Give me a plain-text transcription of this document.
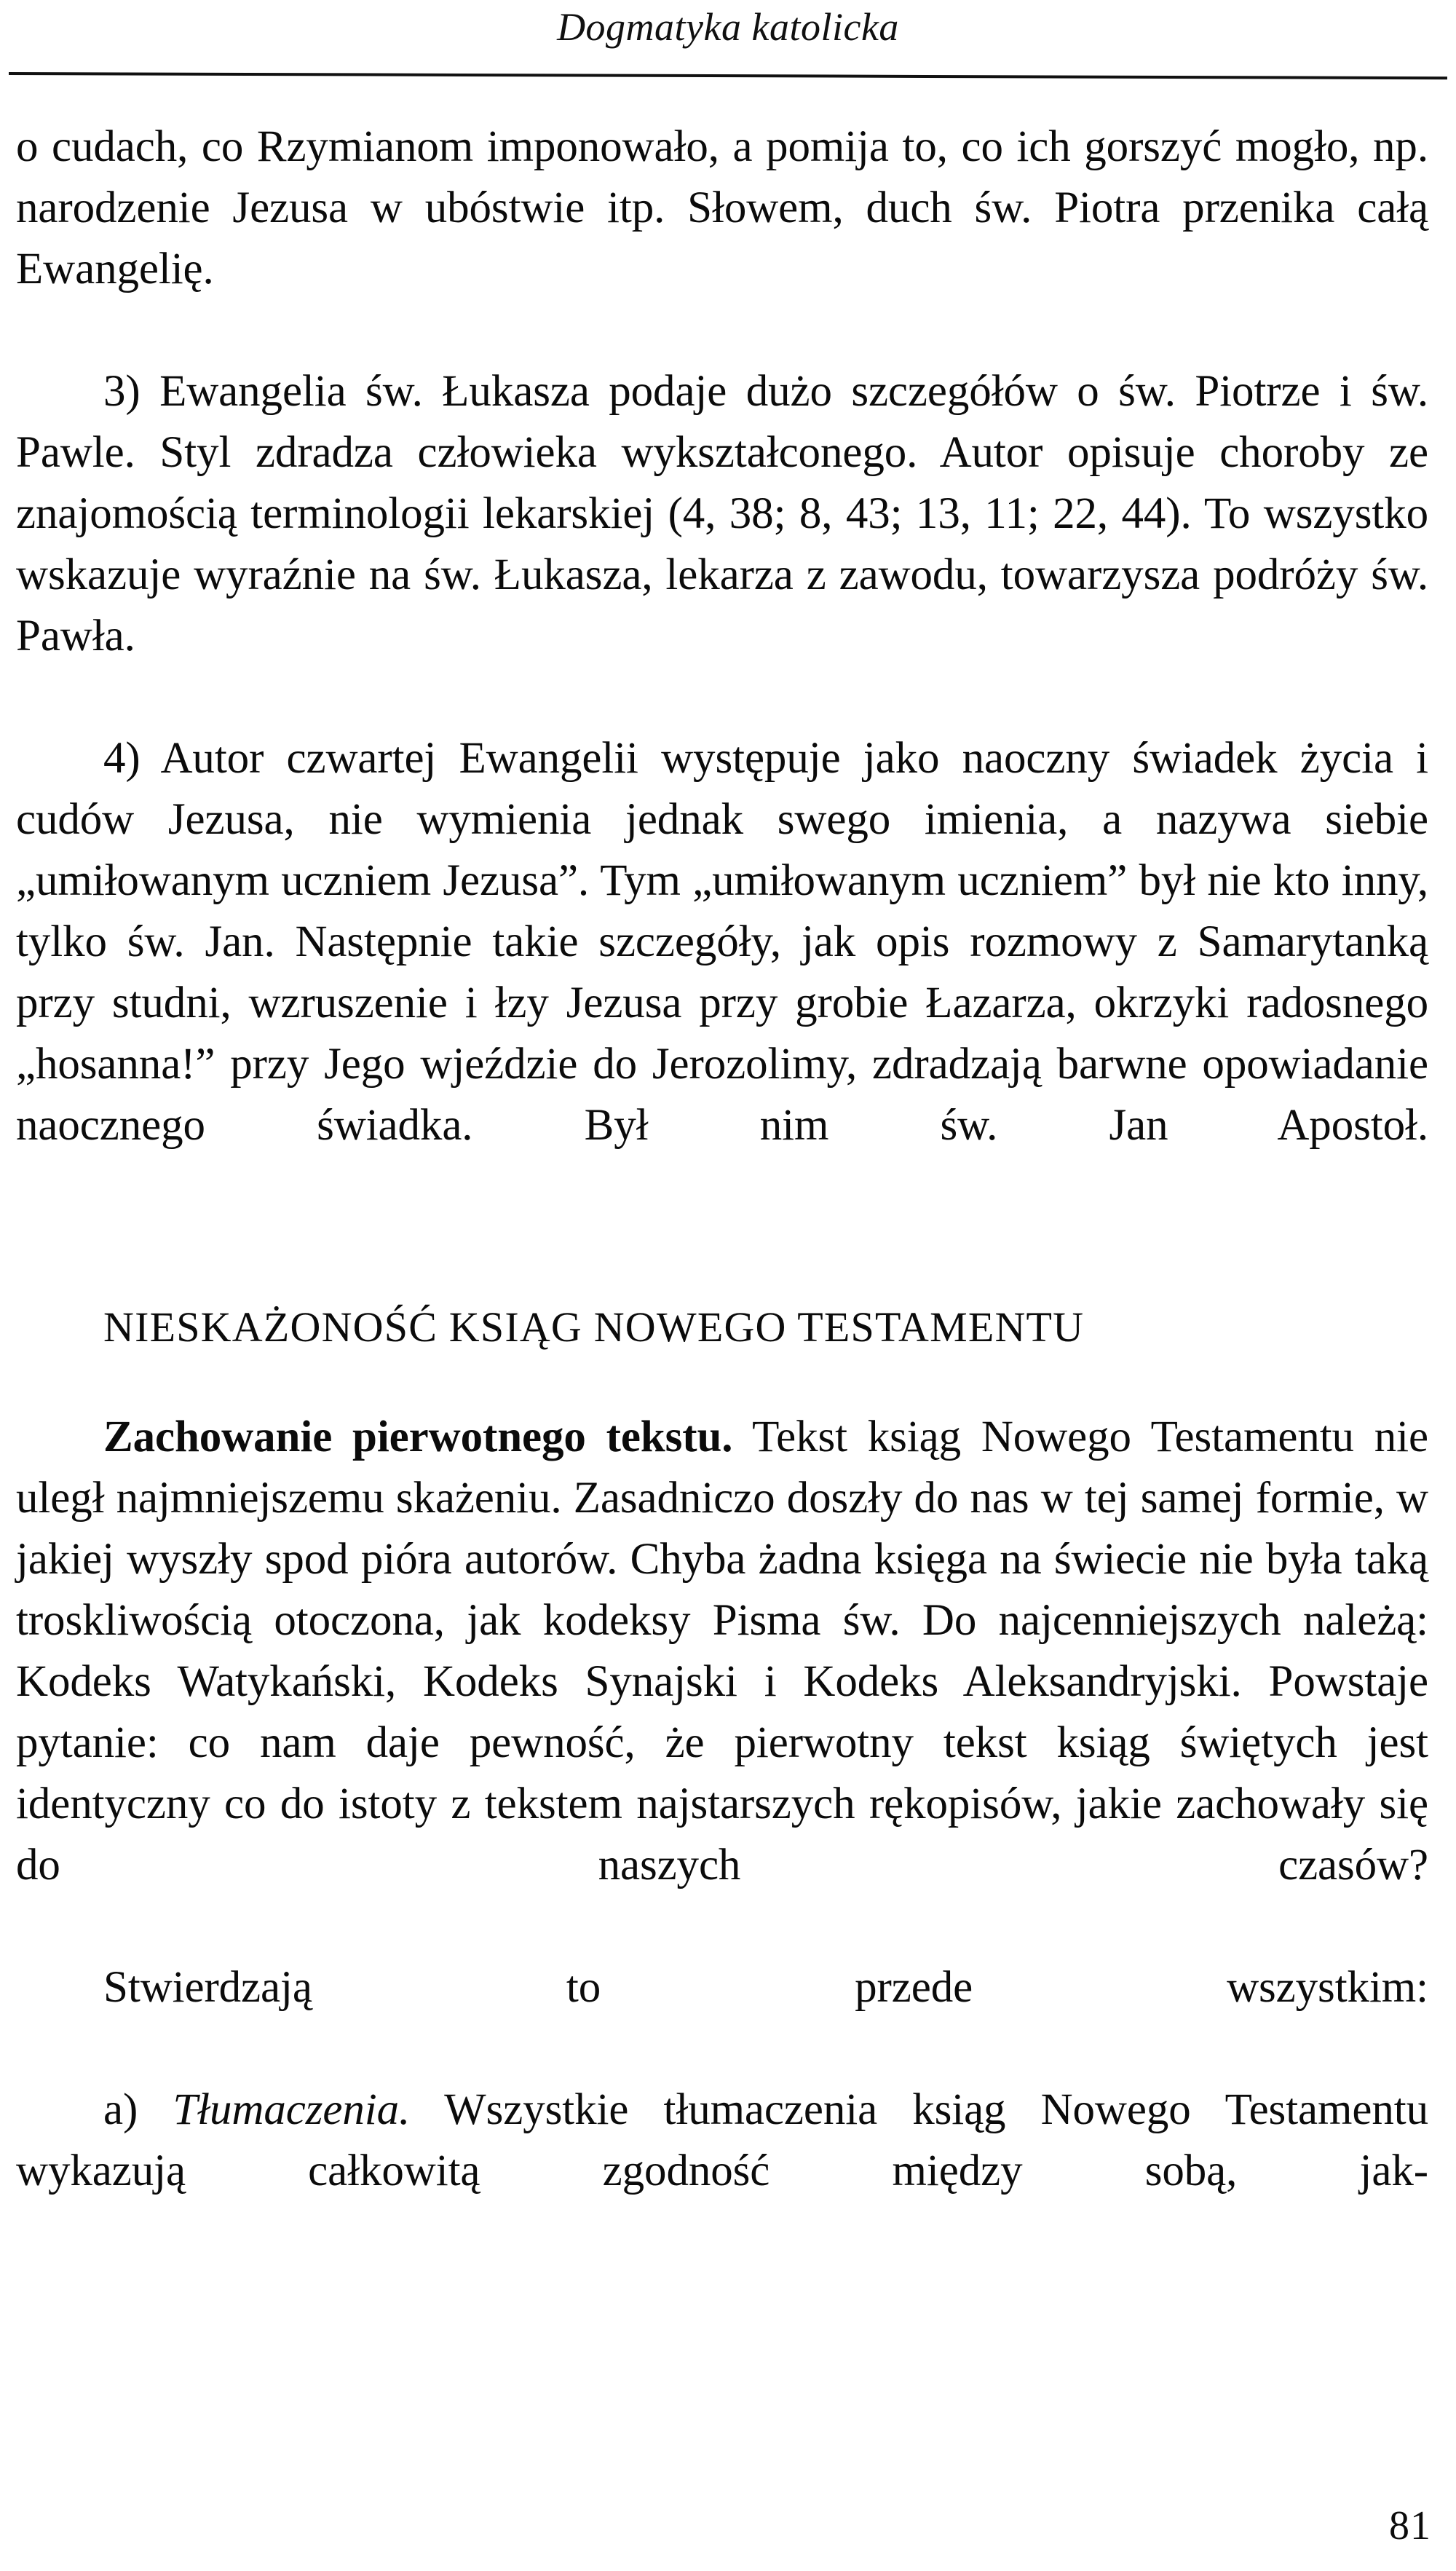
Dogmatyka katolicka

o cudach, co Rzymianom imponowało, a pomija to, co ich gorszyć mogło, np. narodzenie Jezusa w ubóstwie itp. Słowem, duch św. Piotra przenika całą Ewangelię.

3) Ewangelia św. Łukasza podaje dużo szczegółów o św. Piotrze i św. Pawle. Styl zdradza człowieka wykształconego. Autor opisuje choroby ze znajomością terminologii lekarskiej (4, 38; 8, 43; 13, 11; 22, 44). To wszystko wskazuje wyraźnie na św. Łukasza, lekarza z zawodu, towarzysza podróży św. Pawła.

4) Autor czwartej Ewangelii występuje jako naoczny świadek życia i cudów Jezusa, nie wymienia jednak swego imienia, a nazywa siebie „umiłowanym uczniem Jezusa”. Tym „umiłowanym uczniem” był nie kto inny, tylko św. Jan. Następnie takie szczegóły, jak opis rozmowy z Samarytanką przy studni, wzruszenie i łzy Jezusa przy grobie Łazarza, okrzyki radosnego „hosanna!” przy Jego wjeździe do Jerozolimy, zdradzają barwne opowiadanie naocznego świadka. Był nim św. Jan Apostoł.

NIESKAŻONOŚĆ KSIĄG NOWEGO TESTAMENTU

Zachowanie pierwotnego tekstu. Tekst ksiąg Nowego Testamentu nie uległ najmniejszemu skażeniu. Zasadniczo doszły do nas w tej samej formie, w jakiej wyszły spod pióra autorów. Chyba żadna księga na świecie nie była taką troskliwością otoczona, jak kodeksy Pisma św. Do najcenniejszych należą: Kodeks Watykański, Kodeks Synajski i Kodeks Aleksandryjski. Powstaje pytanie: co nam daje pewność, że pierwotny tekst ksiąg świętych jest identyczny co do istoty z tekstem najstarszych rękopisów, jakie zachowały się do naszych czasów?

Stwierdzają to przede wszystkim:

a) Tłumaczenia. Wszystkie tłumaczenia ksiąg Nowego Testamentu wykazują całkowitą zgodność między sobą, jak-

81
